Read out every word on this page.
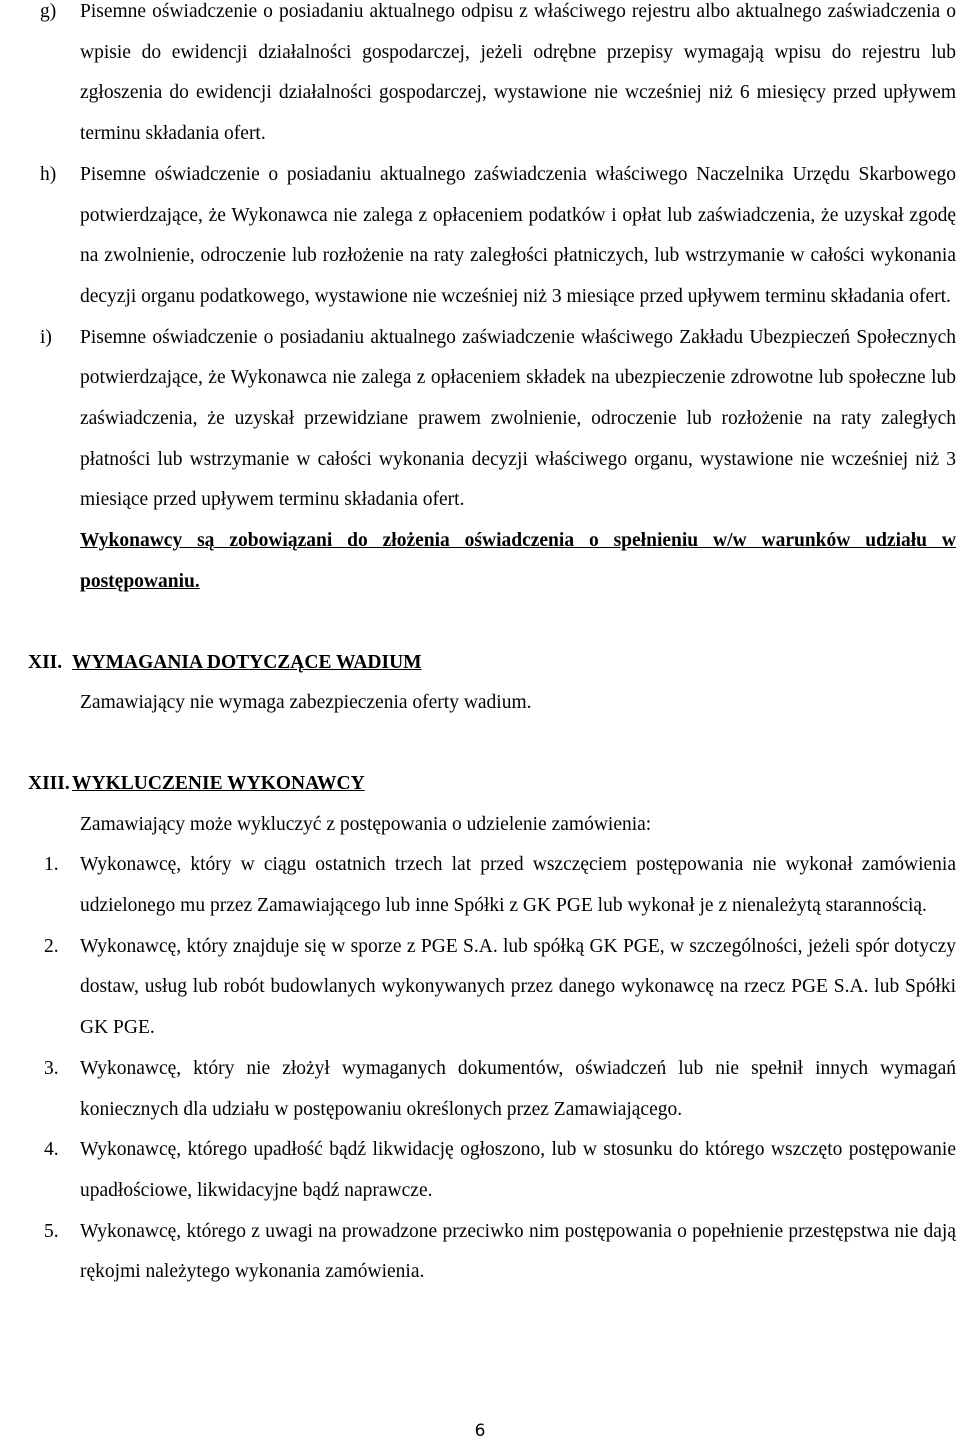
g) Pisemne oświadczenie o posiadaniu aktualnego odpisu z właściwego rejestru albo aktualnego zaświadczenia o wpisie do ewidencji działalności gospodarczej, jeżeli odrębne przepisy wymagają wpisu do rejestru lub zgłoszenia do ewidencji działalności gospodarczej, wystawione nie wcześniej niż 6 miesięcy przed upływem terminu składania ofert.
h) Pisemne oświadczenie o posiadaniu aktualnego zaświadczenia właściwego Naczelnika Urzędu Skarbowego potwierdzające, że Wykonawca nie zalega z opłaceniem podatków i opłat lub zaświadczenia, że uzyskał zgodę na zwolnienie, odroczenie lub rozłożenie na raty zaległości płatniczych, lub wstrzymanie w całości wykonania decyzji organu podatkowego, wystawione nie wcześniej niż 3 miesiące przed upływem terminu składania ofert.
i) Pisemne oświadczenie o posiadaniu aktualnego zaświadczenie właściwego Zakładu Ubezpieczeń Społecznych potwierdzające, że Wykonawca nie zalega z opłaceniem składek na ubezpieczenie zdrowotne lub społeczne lub zaświadczenia, że uzyskał przewidziane prawem zwolnienie, odroczenie lub rozłożenie na raty zaległych płatności lub wstrzymanie w całości wykonania decyzji właściwego organu, wystawione nie wcześniej niż 3 miesiące przed upływem terminu składania ofert.
Wykonawcy są zobowiązani do złożenia oświadczenia o spełnieniu w/w warunków udziału w postępowaniu.
XII. WYMAGANIA DOTYCZĄCE WADIUM
Zamawiający nie wymaga zabezpieczenia oferty wadium.
XIII. WYKLUCZENIE WYKONAWCY
Zamawiający może wykluczyć z postępowania o udzielenie zamówienia:
1. Wykonawcę, który w ciągu ostatnich trzech lat przed wszczęciem postępowania nie wykonał zamówienia udzielonego mu przez Zamawiającego lub inne Spółki z GK PGE lub wykonał je z nienależytą starannością.
2. Wykonawcę, który znajduje się w sporze z PGE S.A. lub spółką GK PGE, w szczególności, jeżeli spór dotyczy dostaw, usług lub robót budowlanych wykonywanych przez danego wykonawcę na rzecz PGE S.A. lub Spółki GK PGE.
3. Wykonawcę, który nie złożył wymaganych dokumentów, oświadczeń lub nie spełnił innych wymagań koniecznych dla udziału w postępowaniu określonych przez Zamawiającego.
4. Wykonawcę, którego upadłość bądź likwidację ogłoszono, lub w stosunku do którego wszczęto postępowanie upadłościowe, likwidacyjne bądź naprawcze.
5. Wykonawcę, którego z uwagi na prowadzone przeciwko nim postępowania o popełnienie przestępstwa nie dają rękojmi należytego wykonania zamówienia.
6
